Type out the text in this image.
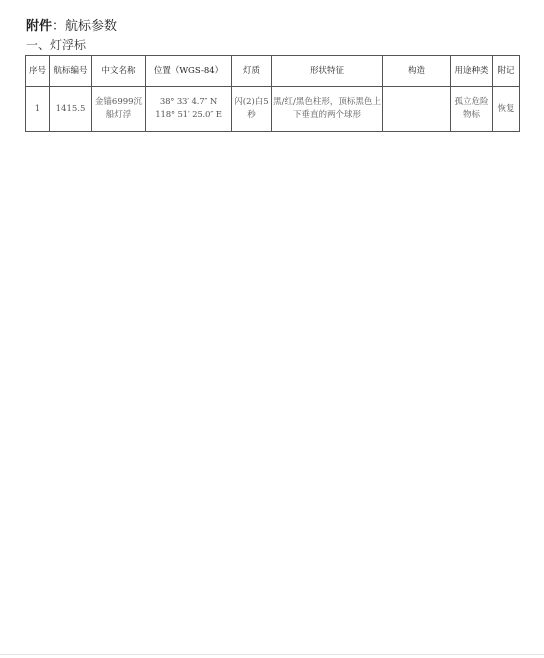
附件：航标参数
一、灯浮标
序号	航标编号	中文名称	位置（WGS-84）	灯质	形状特征	构造	用途种类	附记
1	1415.5	金锚6999沉船灯浮	38° 33′ 4.7″ N
118° 51′ 25.0″ E	闪(2)白5秒	黑/红/黑色柱形，顶标黑色上下垂直的两个球形		孤立危险物标	恢复
